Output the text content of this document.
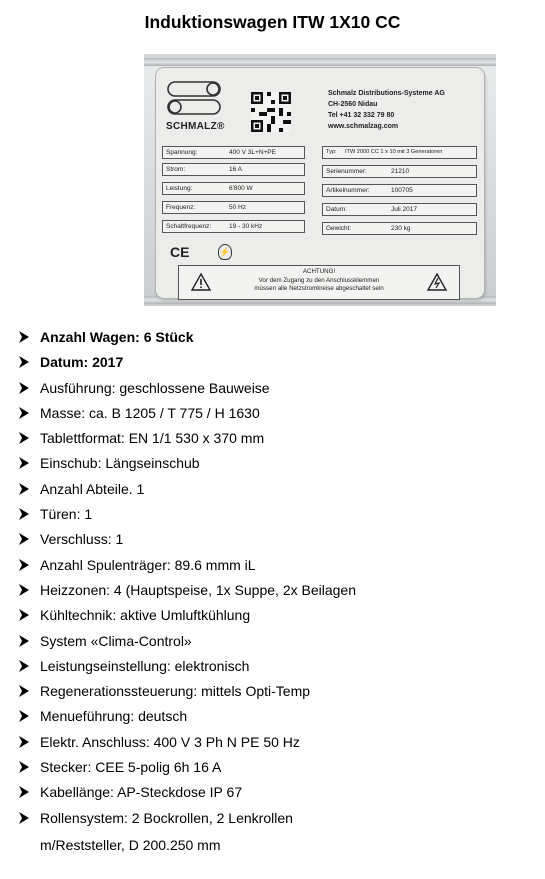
Induktionswagen ITW 1X10 CC
SCHMALZ®
Schmalz Distributions-Systeme AG
CH-2560 Nidau
Tel +41 32 332 79 80
www.schmalzag.com
Spannung:	400 V 3L+N+PE
Strom:	16 A
Leistung:	6'800 W
Frequenz:	50 Hz
Schaltfrequenz:	19 - 30 kHz
Typ: ITW 2000 CC 1 x 10 mit 3 Generatoren
Serienummer:	21210
Artikelnummer:	100705
Datum:	Juli 2017
Gewicht:	230 kg
CE	⚡
ACHTUNG!
Vor dem Zugang zu den Anschlussklemmen
müssen alle Netzstromkreise abgeschaltet sein
Anzahl Wagen: 6 Stück
Datum: 2017
Ausführung: geschlossene Bauweise
Masse: ca. B 1205 / T 775 / H 1630
Tablettformat: EN 1/1 530 x 370 mm
Einschub: Längseinschub
Anzahl Abteile. 1
Türen: 1
Verschluss: 1
Anzahl Spulenträger: 89.6 mmm iL
Heizzonen: 4 (Hauptspeise, 1x Suppe, 2x Beilagen
Kühltechnik: aktive Umluftkühlung
System «Clima-Control»
Leistungseinstellung: elektronisch
Regenerationssteuerung: mittels Opti-Temp
Menueführung: deutsch
Elektr. Anschluss: 400 V 3 Ph N PE 50 Hz
Stecker: CEE 5-polig 6h 16 A
Kabellänge: AP-Steckdose IP 67
Rollensystem: 2 Bockrollen, 2 Lenkrollen
m/Reststeller, D 200.250 mm
